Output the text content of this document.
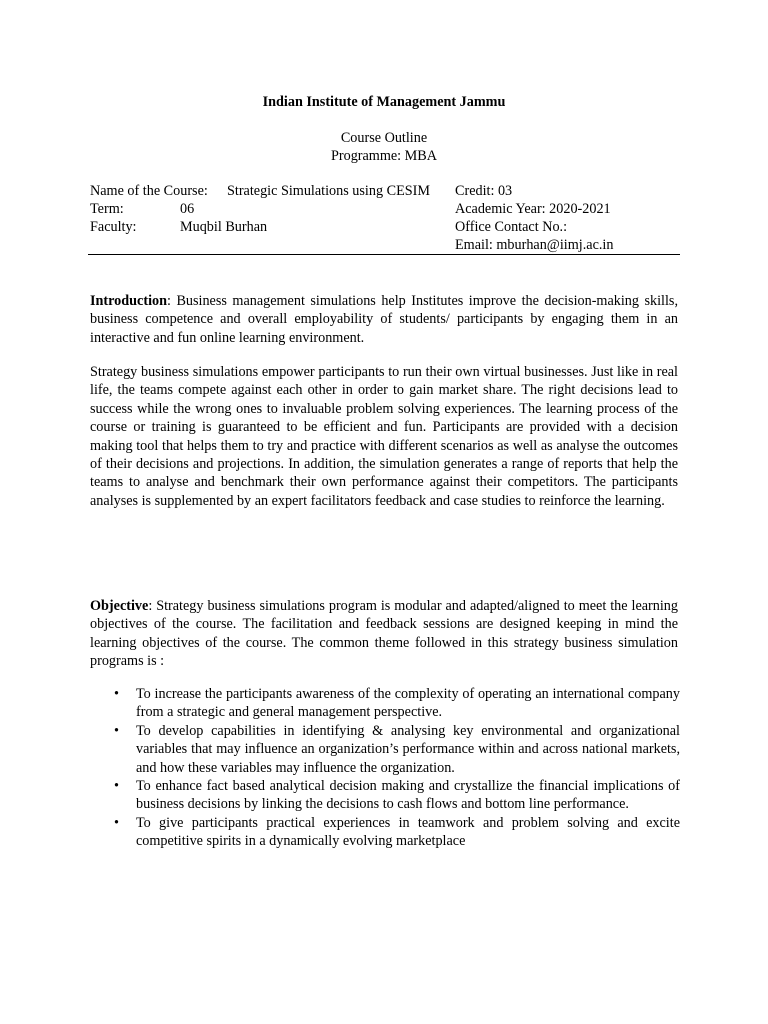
Indian Institute of Management Jammu
Course Outline
Programme: MBA
Name of the Course: Strategic Simulations using CESIM Credit: 03
Term:	06	Academic Year: 2020-2021
Faculty:	Muqbil Burhan	Office Contact No.:
Email: mburhan@iimj.ac.in

Introduction: Business management simulations help Institutes improve the decision-making skills, business competence and overall employability of students/ participants by engaging them in an interactive and fun online learning environment.

Strategy business simulations empower participants to run their own virtual businesses. Just like in real life, the teams compete against each other in order to gain market share. The right decisions lead to success while the wrong ones to invaluable problem solving experiences. The learning process of the course or training is guaranteed to be efficient and fun. Participants are provided with a decision making tool that helps them to try and practice with different scenarios as well as analyse the outcomes of their decisions and projections. In addition, the simulation generates a range of reports that help the teams to analyse and benchmark their own performance against their competitors. The participants analyses is supplemented by an expert facilitators feedback and case studies to reinforce the learning.

Objective: Strategy business simulations program is modular and adapted/aligned to meet the learning objectives of the course. The facilitation and feedback sessions are designed keeping in mind the learning objectives of the course. The common theme followed in this strategy business simulation programs is :

• To increase the participants awareness of the complexity of operating an international company from a strategic and general management perspective.
• To develop capabilities in identifying & analysing key environmental and organizational variables that may influence an organization’s performance within and across national markets, and how these variables may influence the organization.
• To enhance fact based analytical decision making and crystallize the financial implications of business decisions by linking the decisions to cash flows and bottom line performance.
• To give participants practical experiences in teamwork and problem solving and excite competitive spirits in a dynamically evolving marketplace
